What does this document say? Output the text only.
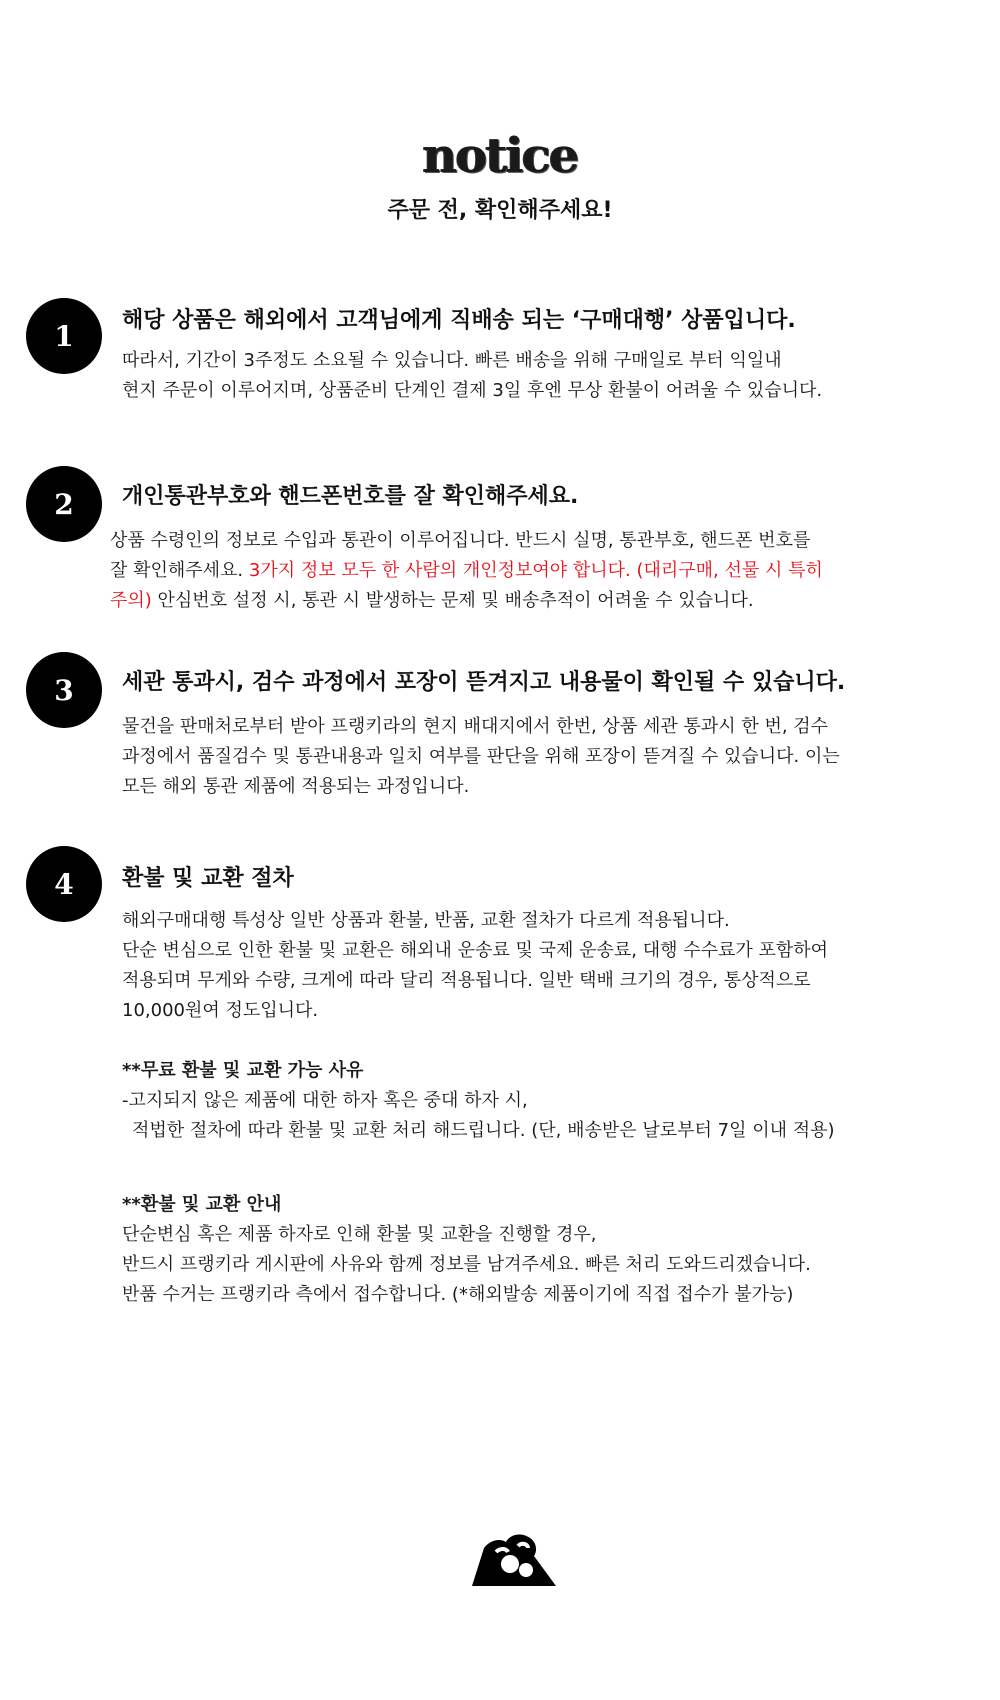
notice
주문 전, 확인해주세요!
1	해당 상품은 해외에서 고객님에게 직배송 되는 ‘구매대행’ 상품입니다.

따라서, 기간이 3주정도 소요될 수 있습니다. 빠른 배송을 위해 구매일로 부터 익일내

현지 주문이 이루어지며, 상품준비 단계인 결제 3일 후엔 무상 환불이 어려울 수 있습니다.

2	개인통관부호와 핸드폰번호를 잘 확인해주세요.

상품 수령인의 정보로 수입과 통관이 이루어집니다. 반드시 실명, 통관부호, 핸드폰 번호를

잘 확인해주세요. 3가지 정보 모두 한 사람의 개인정보여야 합니다. (대리구매, 선물 시 특히

주의) 안심번호 설정 시, 통관 시 발생하는 문제 및 배송추적이 어려울 수 있습니다.

3	세관 통과시, 검수 과정에서 포장이 뜯겨지고 내용물이 확인될 수 있습니다.

물건을 판매처로부터 받아 프랭키라의 현지 배대지에서 한번, 상품 세관 통과시 한 번, 검수

과정에서 품질검수 및 통관내용과 일치 여부를 판단을 위해 포장이 뜯겨질 수 있습니다. 이는

모든 해외 통관 제품에 적용되는 과정입니다.

4	환불 및 교환 절차

해외구매대행 특성상 일반 상품과 환불, 반품, 교환 절차가 다르게 적용됩니다.

단순 변심으로 인한 환불 및 교환은 해외내 운송료 및 국제 운송료, 대행 수수료가 포함하여

적용되며 무게와 수량, 크게에 따라 달리 적용됩니다. 일반 택배 크기의 경우, 통상적으로

10,000원여 정도입니다.

**무료 환불 및 교환 가능 사유

-고지되지 않은 제품에 대한 하자 혹은 중대 하자 시,

적법한 절차에 따라 환불 및 교환 처리 해드립니다. (단, 배송받은 날로부터 7일 이내 적용)

**환불 및 교환 안내

단순변심 혹은 제품 하자로 인해 환불 및 교환을 진행할 경우,

반드시 프랭키라 게시판에 사유와 함께 정보를 남겨주세요. 빠른 처리 도와드리겠습니다.

반품 수거는 프랭키라 측에서 접수합니다. (*해외발송 제품이기에 직접 접수가 불가능)
